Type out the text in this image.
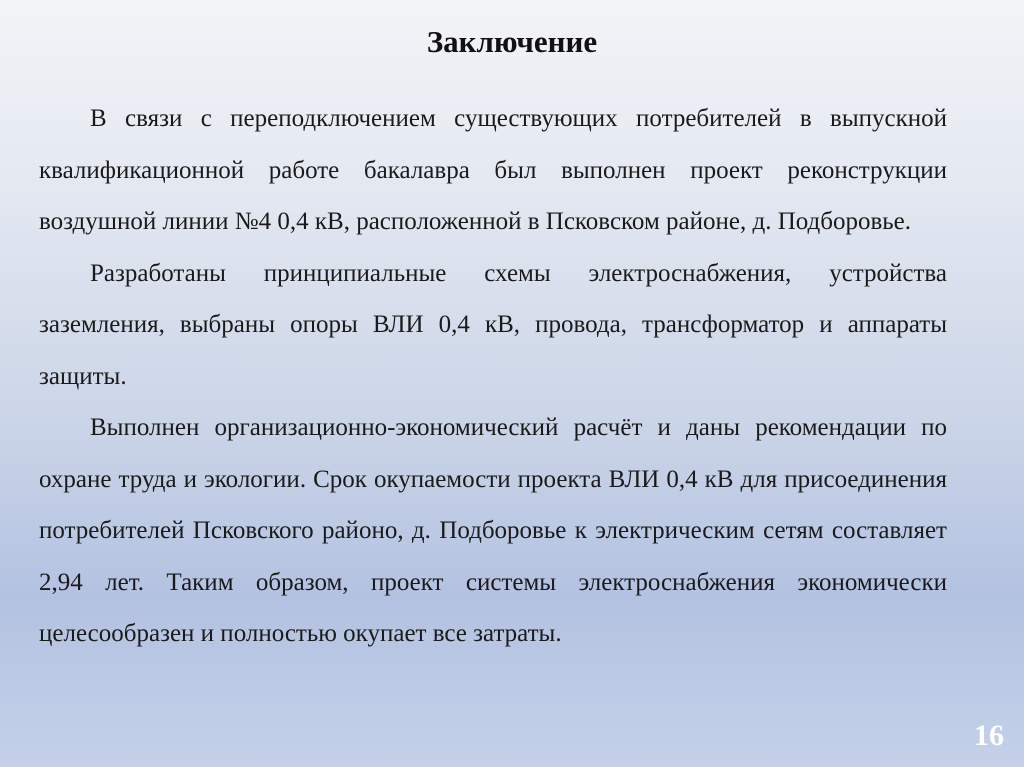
Заключение

В связи с переподключением существующих потребителей в выпускной квалификационной работе бакалавра был выполнен проект реконструкции воздушной линии №4 0,4 кВ, расположенной в Псковском районе, д. Подборовье.

Разработаны принципиальные схемы электроснабжения, устройства заземления, выбраны опоры ВЛИ 0,4 кВ, провода, трансформатор и аппараты защиты.

Выполнен организационно-экономический расчёт и даны рекомендации по охране труда и экологии. Срок окупаемости проекта ВЛИ 0,4 кВ для присоединения потребителей Псковского районо, д. Подборовье к электрическим сетям составляет 2,94 лет. Таким образом, проект системы электроснабжения экономически целесообразен и полностью окупает все затраты.

16
